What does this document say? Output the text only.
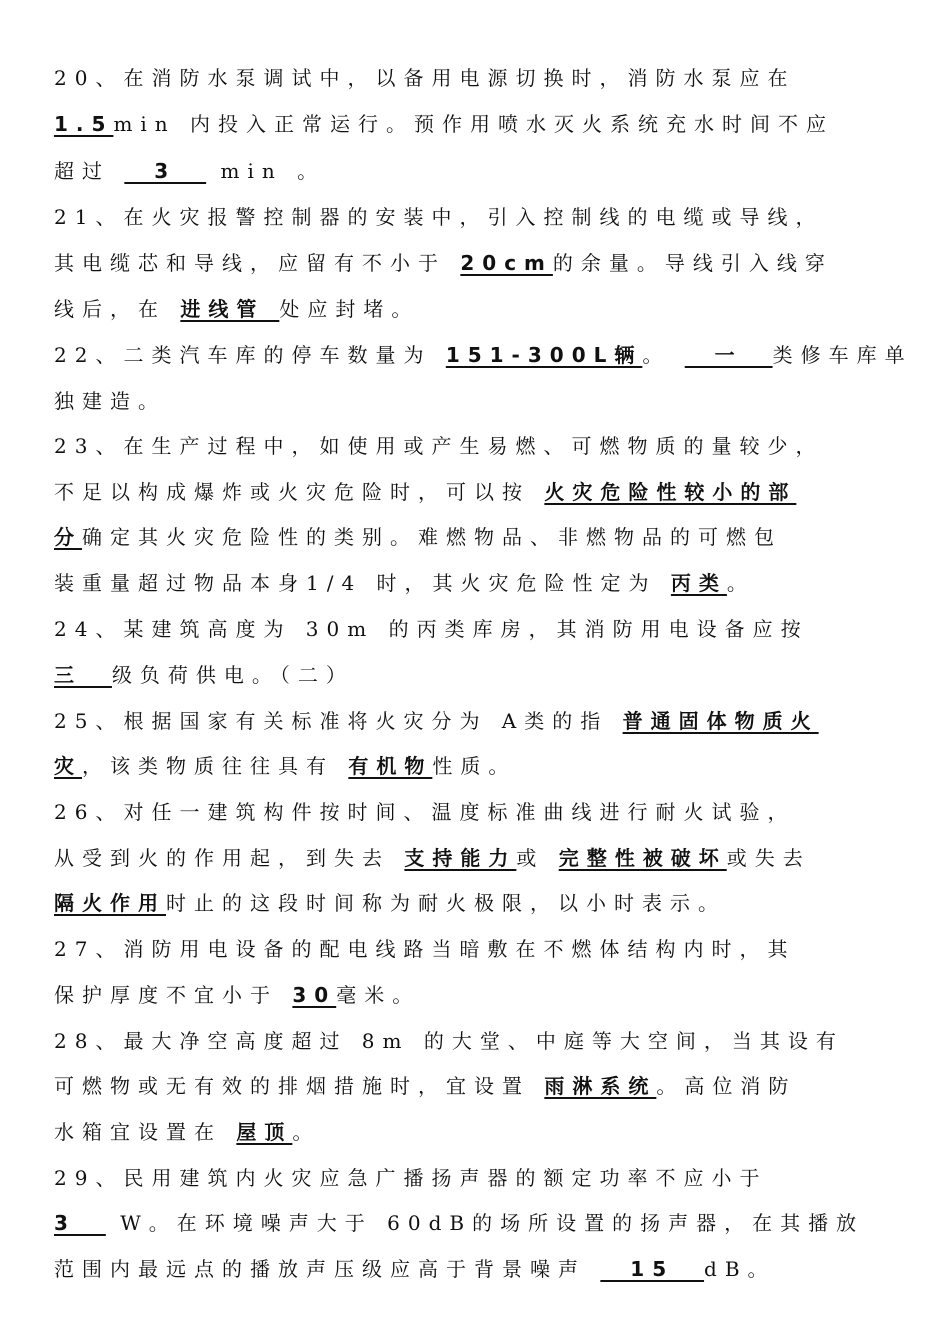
20、在消防水泵调试中，以备用电源切换时，消防水泵应在
1.5min 内投入正常运行。预作用喷水灭火系统充水时间不应
超过   3   min 。
21、在火灾报警控制器的安装中，引入控制线的电缆或导线，
其电缆芯和导线，应留有不小于 20cm的余量。导线引入线穿
线后，在 进线管 处应封堵。
22、二类汽车库的停车数量为 151-300L辆。   一  类修车库单
独建造。
23、在生产过程中，如使用或产生易燃、可燃物质的量较少，
不足以构成爆炸或火灾危险时，可以按 火灾危险性较小的部
分确定其火灾危险性的类别。难燃物品、非燃物品的可燃包
装重量超过物品本身1/4 时，其火灾危险性定为 丙类。
24、某建筑高度为 30m 的丙类库房，其消防用电设备应按
三  级负荷供电。（二）
25、根据国家有关标准将火灾分为 A类的指 普通固体物质火
灾，该类物质往往具有 有机物性质。
26、对任一建筑构件按时间、温度标准曲线进行耐火试验，
从受到火的作用起，到失去 支持能力或 完整性被破坏或失去
隔火作用时止的这段时间称为耐火极限，以小时表示。
27、消防用电设备的配电线路当暗敷在不燃体结构内时，其
保护厚度不宜小于 30毫米。
28、最大净空高度超过 8m 的大堂、中庭等大空间，当其设有
可燃物或无有效的排烟措施时，宜设置 雨淋系统。高位消防
水箱宜设置在 屋顶。
29、民用建筑内火灾应急广播扬声器的额定功率不应小于
3   W。在环境噪声大于 60dB的场所设置的扬声器，在其播放
范围内最远点的播放声压级应高于背景噪声   15  dB。
